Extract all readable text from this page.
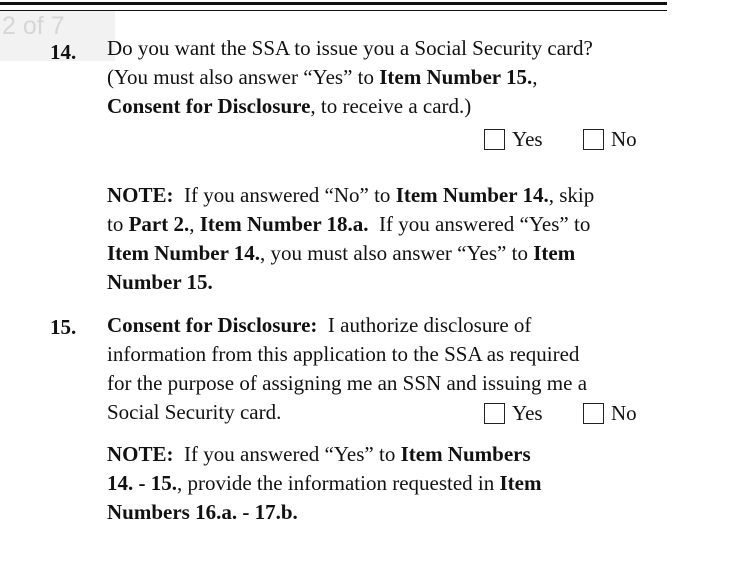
2 of 7
14. Do you want the SSA to issue you a Social Security card?
(You must also answer “Yes” to Item Number 15.,
Consent for Disclosure, to receive a card.)
Yes	No
NOTE:  If you answered “No” to Item Number 14., skip
to Part 2., Item Number 18.a.  If you answered “Yes” to
Item Number 14., you must also answer “Yes” to Item
Number 15.
15. Consent for Disclosure:  I authorize disclosure of
information from this application to the SSA as required
for the purpose of assigning me an SSN and issuing me a
Social Security card.	Yes	No
NOTE:  If you answered “Yes” to Item Numbers
14. - 15., provide the information requested in Item
Numbers 16.a. - 17.b.
